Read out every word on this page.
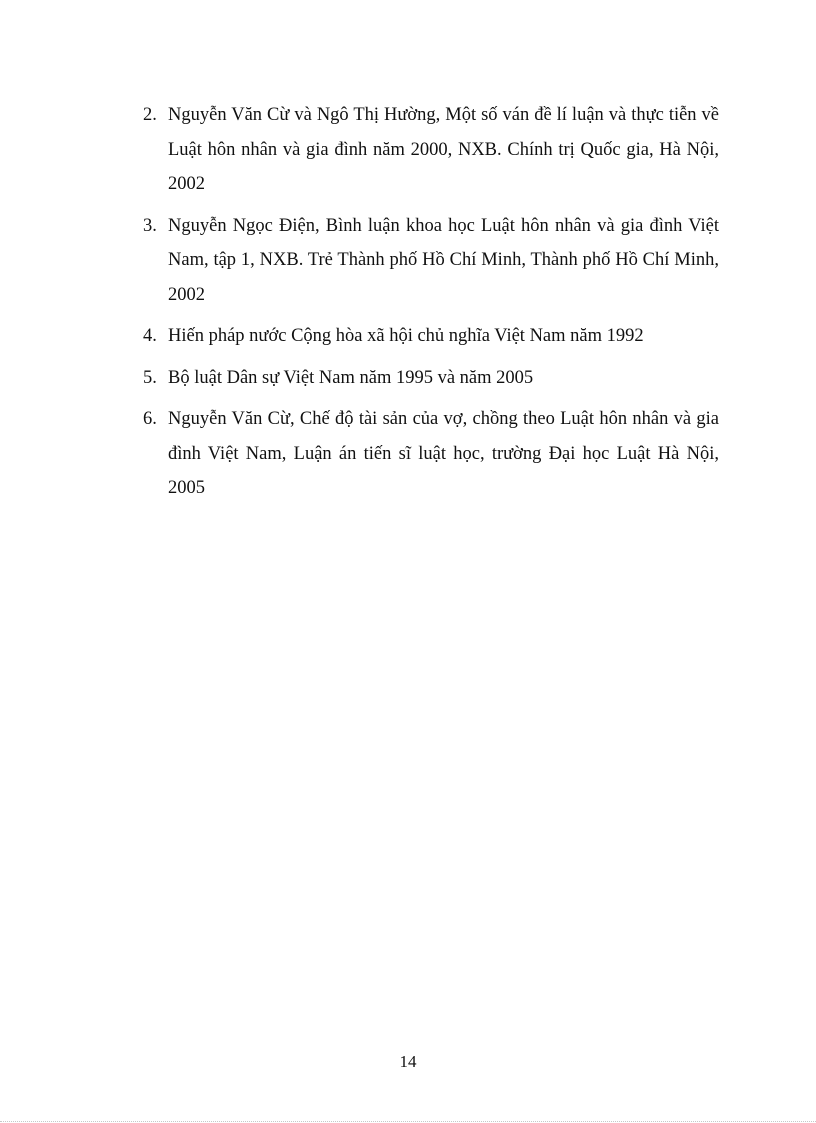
2. Nguyễn Văn Cừ và Ngô Thị Hường, Một số ván đề lí luận và thực tiễn về Luật hôn nhân và gia đình năm 2000, NXB. Chính trị Quốc gia, Hà Nội, 2002
3. Nguyễn Ngọc Điện, Bình luận khoa học Luật hôn nhân và gia đình Việt Nam, tập 1, NXB. Trẻ Thành phố Hồ Chí Minh, Thành phố Hồ Chí Minh, 2002
4. Hiến pháp nước Cộng hòa xã hội chủ nghĩa Việt Nam năm 1992
5. Bộ luật Dân sự Việt Nam năm 1995 và năm 2005
6. Nguyễn Văn Cừ, Chế độ tài sản của vợ, chồng theo Luật hôn nhân và gia đình Việt Nam, Luận án tiến sĩ luật học, trường Đại học Luật Hà Nội, 2005
14
